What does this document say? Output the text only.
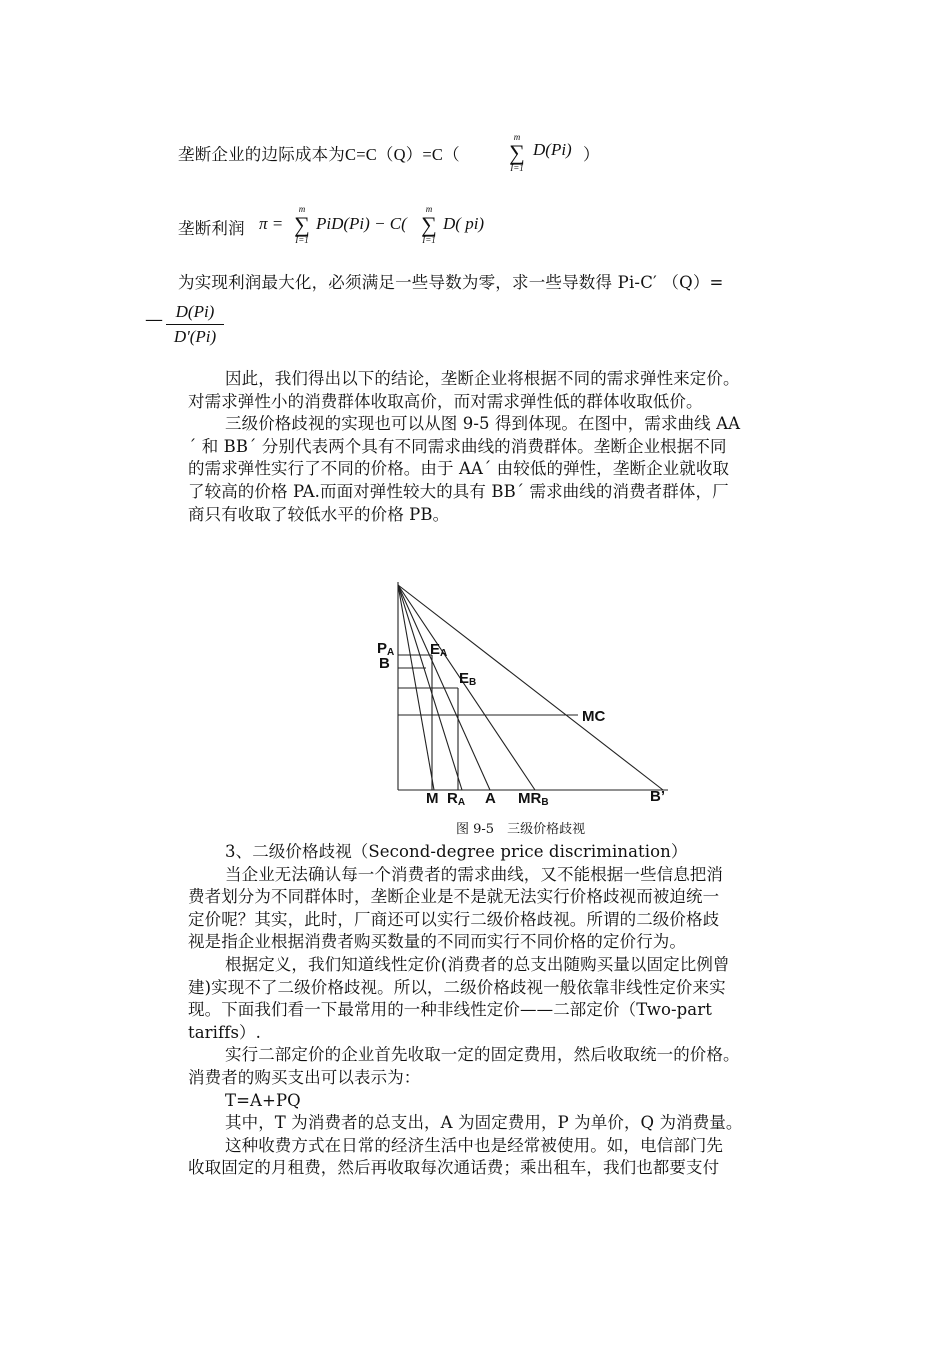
垄断企业的边际成本为C=C（Q）=C（
m
∑
I=1
D(Pi) ）
垄断利润 π =
m
∑
I=1
PiD(Pi) − C(
m
∑
I=1
D( pi)
为实现利润最大化，必须满足一些导数为零，求一些导数得 Pi-C′ （Q）=
— D(Pi)
D'(Pi)

因此，我们得出以下的结论，垄断企业将根据不同的需求弹性来定价。

对需求弹性小的消费群体收取高价，而对需求弹性低的群体收取低价。

三级价格歧视的实现也可以从图 9-5 得到体现。在图中，需求曲线 AA

´ 和 BB´ 分别代表两个具有不同需求曲线的消费群体。垄断企业根据不同

的需求弹性实行了不同的价格。由于 AA´ 由较低的弹性，垄断企业就收取

了较高的价格 PA.而面对弹性较大的具有 BB´ 需求曲线的消费者群体，厂

商只有收取了较低水平的价格 PB。

PA
B
EA
EB
MC
M RA A MRB	B’
图 9-5　三级价格歧视

3、二级价格歧视（Second-degree price discrimination）

当企业无法确认每一个消费者的需求曲线，又不能根据一些信息把消

费者划分为不同群体时，垄断企业是不是就无法实行价格歧视而被迫统一

定价呢？其实，此时，厂商还可以实行二级价格歧视。所谓的二级价格歧

视是指企业根据消费者购买数量的不同而实行不同价格的定价行为。

根据定义，我们知道线性定价(消费者的总支出随购买量以固定比例曾

建)实现不了二级价格歧视。所以，二级价格歧视一般依靠非线性定价来实

现。下面我们看一下最常用的一种非线性定价——二部定价（Two-part

tariffs）.

实行二部定价的企业首先收取一定的固定费用，然后收取统一的价格。

消费者的购买支出可以表示为：

T=A+PQ

其中，T 为消费者的总支出，A 为固定费用，P 为单价，Q 为消费量。

这种收费方式在日常的经济生活中也是经常被使用。如，电信部门先

收取固定的月租费，然后再收取每次通话费；乘出租车，我们也都要支付
